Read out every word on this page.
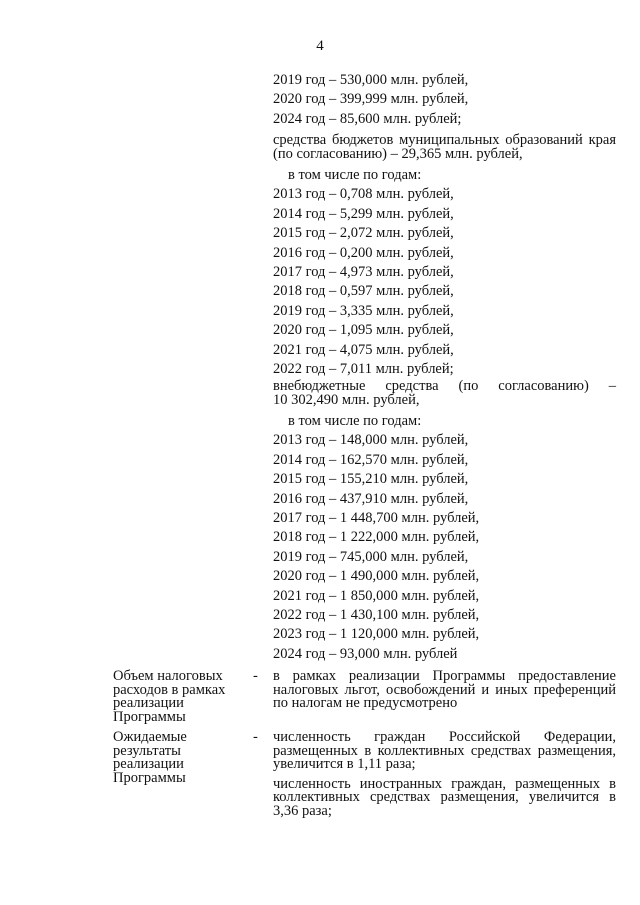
4
2019 год – 530,000 млн. рублей,
2020 год – 399,999 млн. рублей,
2024 год – 85,600 млн. рублей;
средства бюджетов муниципальных образований края (по согласованию) – 29,365 млн. рублей,
в том числе по годам:
2013 год – 0,708 млн. рублей,
2014 год – 5,299 млн. рублей,
2015 год – 2,072 млн. рублей,
2016 год – 0,200 млн. рублей,
2017 год – 4,973 млн. рублей,
2018 год – 0,597 млн. рублей,
2019 год – 3,335 млн. рублей,
2020 год – 1,095 млн. рублей,
2021 год – 4,075 млн. рублей,
2022 год – 7,011 млн. рублей;
внебюджетные средства (по согласованию) –
10 302,490 млн. рублей,
в том числе по годам:
2013 год – 148,000 млн. рублей,
2014 год – 162,570 млн. рублей,
2015 год – 155,210 млн. рублей,
2016 год – 437,910 млн. рублей,
2017 год – 1 448,700 млн. рублей,
2018 год – 1 222,000 млн. рублей,
2019 год – 745,000 млн. рублей,
2020 год – 1 490,000 млн. рублей,
2021 год – 1 850,000 млн. рублей,
2022 год – 1 430,100 млн. рублей,
2023 год – 1 120,000 млн. рублей,
2024 год – 93,000 млн. рублей
Объем налоговых расходов в рамках реализации Программы
-	в рамках реализации Программы предоставление налоговых льгот, освобождений и иных преференций по налогам не предусмотрено
Ожидаемые результаты реализации Программы
-	численность граждан Российской Федерации, размещенных в коллективных средствах размещения, увеличится в 1,11 раза;

численность иностранных граждан, размещенных в коллективных средствах размещения, увеличится в 3,36 раза;
